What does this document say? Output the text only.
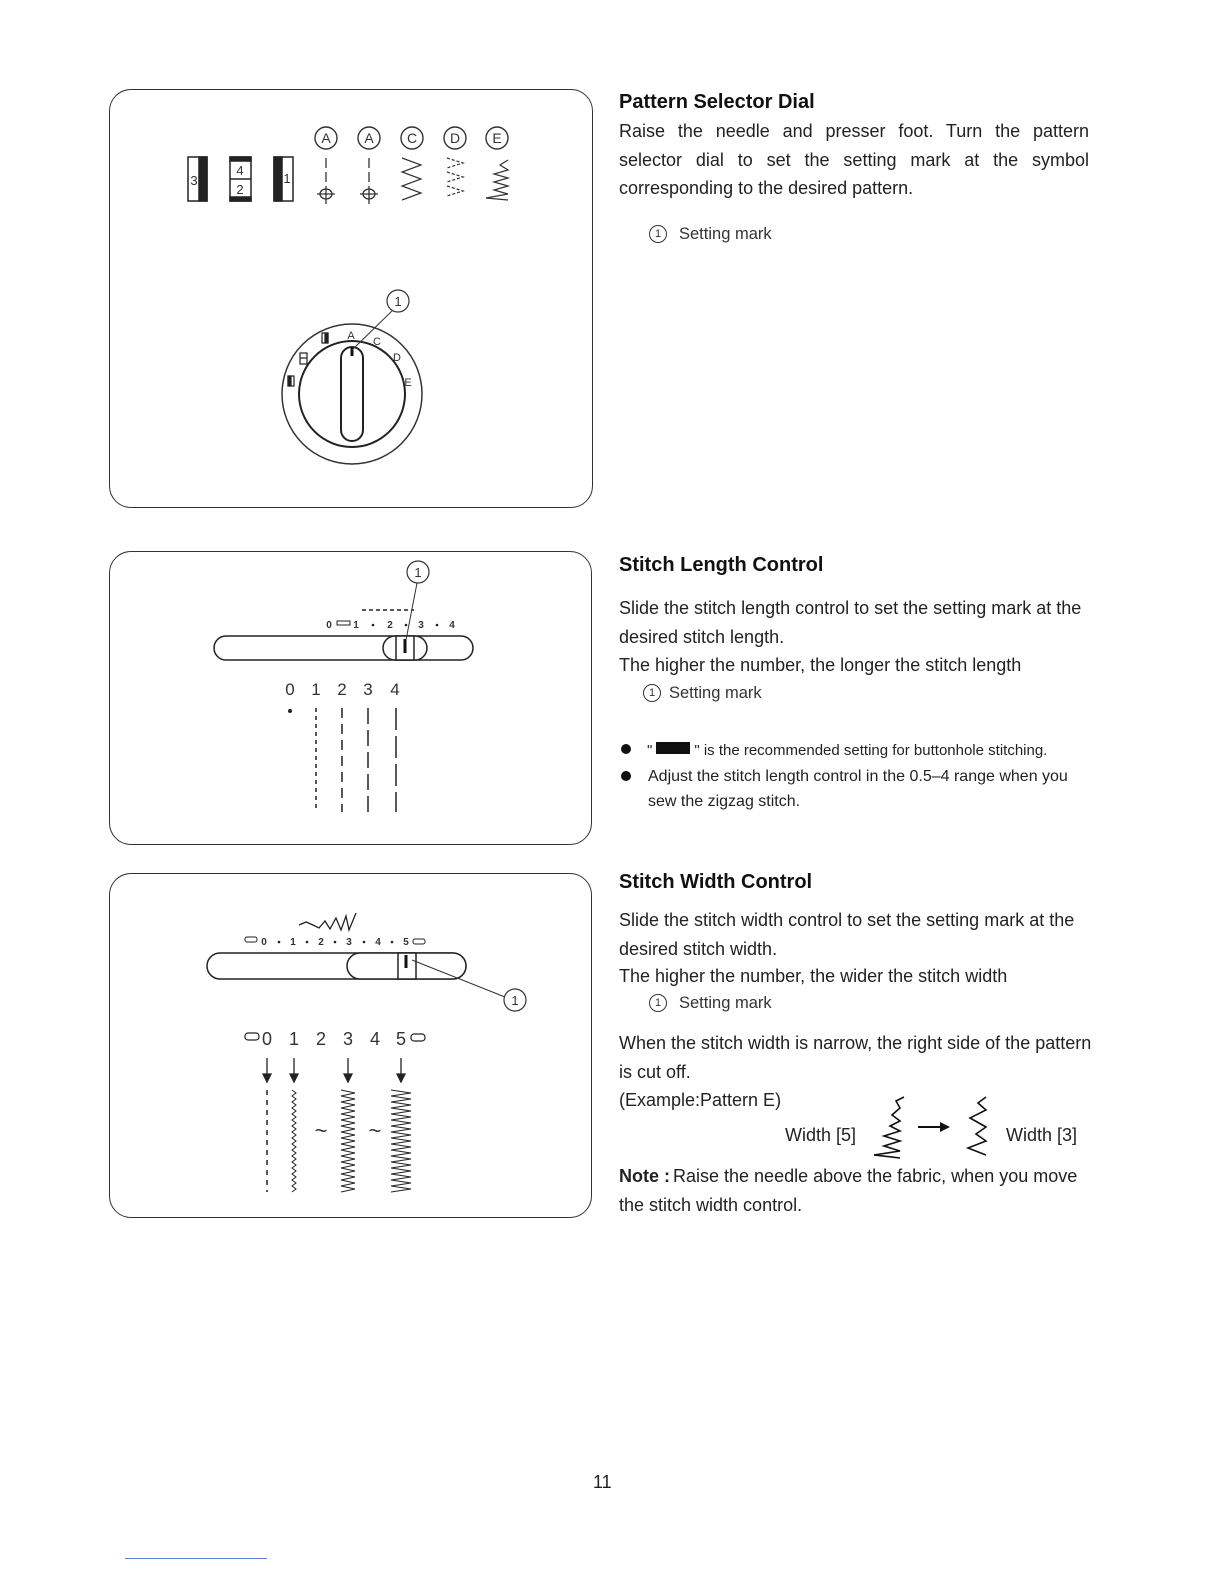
A A C D E
3
4
2
1
A C
D
E
1
0 1	2	3	4
1
0 1 2 3 4
0 1 2 3 4 5
1
0 1 2 3 4 5
~ ~
Pattern Selector Dial
Raise the needle and presser foot. Turn the pattern selector dial to set the setting mark at the symbol corresponding to the desired pattern.
1 Setting mark
Stitch Length Control
Slide the stitch length control to set the setting mark at the desired stitch length.
The higher the number, the longer the stitch length
1 Setting mark
"	" is the recommended setting for buttonhole stitching.
Adjust the stitch length control in the 0.5–4 range when you sew the zigzag stitch.
Stitch Width Control
Slide the stitch width control to set the setting mark at the desired stitch width.
The higher the number, the wider the stitch width
1 Setting mark
When the stitch width is narrow, the right side of the pattern is cut off.
(Example:Pattern E)
Width [5]	Width [3]
Note : Raise the needle above the fabric, when you move the stitch width control.
11
